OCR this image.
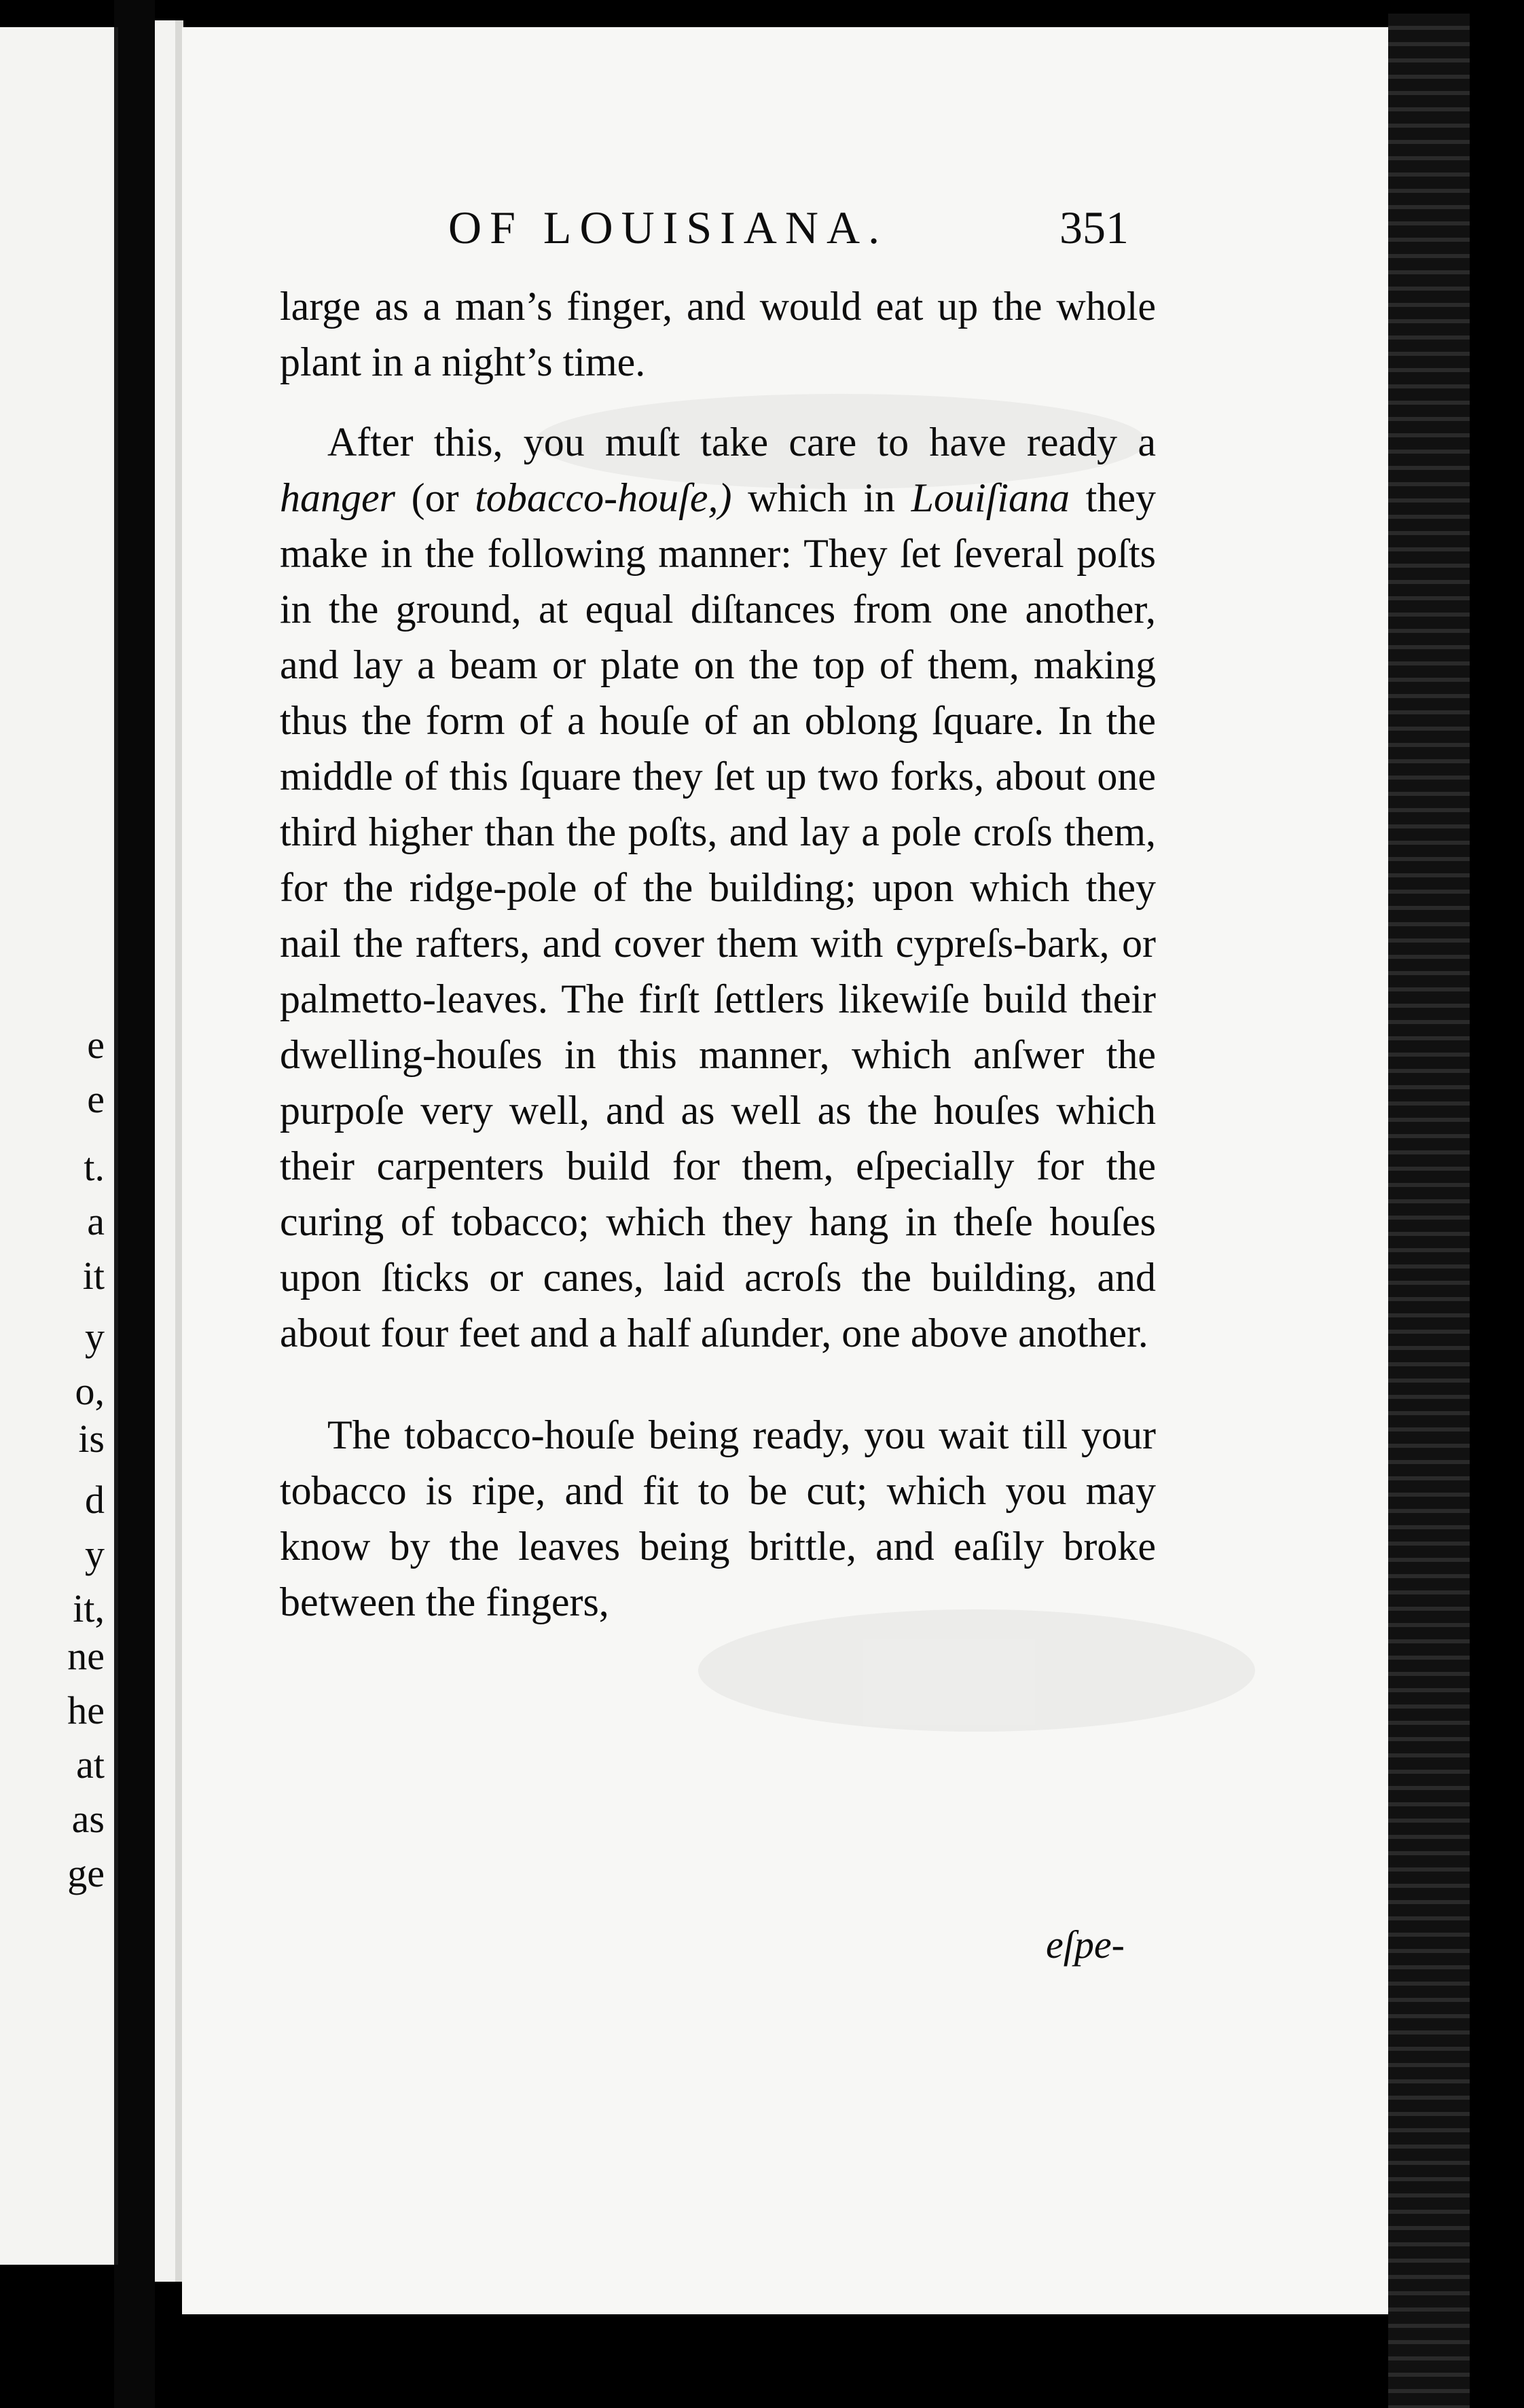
e
e
t.
a
it
y
o,
is
d
y
it,
ne
he
at
as
ge
OF LOUISIANA.	351

large as a man’s finger, and would eat up the whole plant in a night’s time.

After this, you muſt take care to have ready a hanger (or tobacco-houſe,) which in Louiſiana they make in the following manner: They ſet ſeveral poſts in the ground, at equal diſtances from one another, and lay a beam or plate on the top of them, making thus the form of a houſe of an oblong ſquare. In the middle of this ſquare they ſet up two forks, about one third higher than the poſts, and lay a pole croſs them, for the ridge-pole of the building; upon which they nail the rafters, and cover them with cypreſs-bark, or palmetto-leaves. The firſt ſettlers likewiſe build their dwelling-houſes in this manner, which anſwer the purpoſe very well, and as well as the houſes which their carpenters build for them, eſpecially for the curing of tobacco; which they hang in theſe houſes upon ſticks or canes, laid acroſs the building, and about four feet and a half aſunder, one above another.

The tobacco-houſe being ready, you wait till your tobacco is ripe, and fit to be cut; which you may know by the leaves being brittle, and eaſily broke between the fingers,

eſpe-
